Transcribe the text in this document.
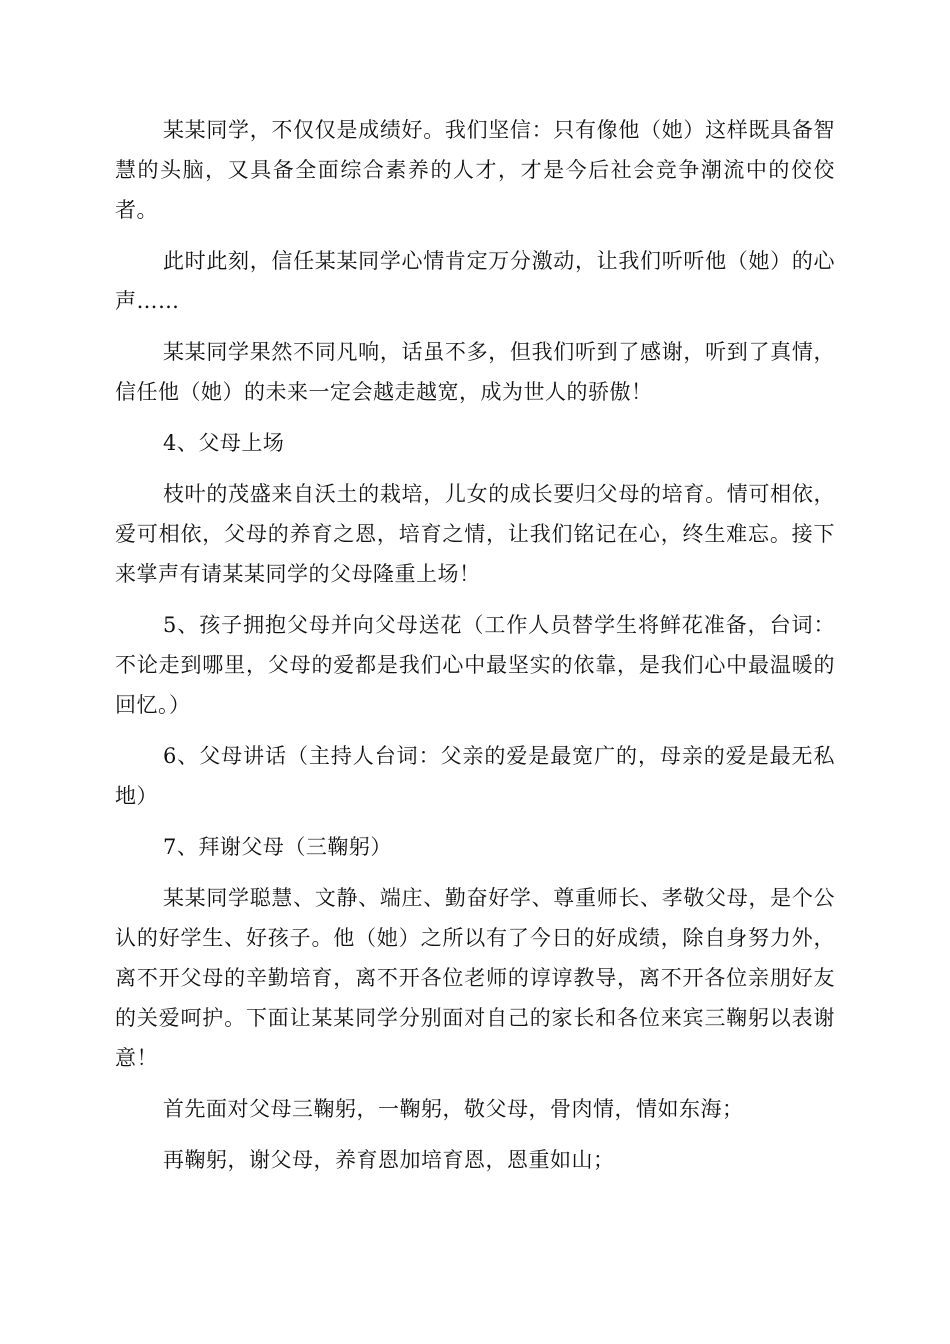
某某同学，不仅仅是成绩好。我们坚信：只有像他（她）这样既具备智慧的头脑，又具备全面综合素养的人才，才是今后社会竞争潮流中的佼佼者。

此时此刻，信任某某同学心情肯定万分激动，让我们听听他（她）的心声……

某某同学果然不同凡响，话虽不多，但我们听到了感谢，听到了真情，信任他（她）的未来一定会越走越宽，成为世人的骄傲！

4、父母上场

枝叶的茂盛来自沃土的栽培，儿女的成长要归父母的培育。情可相依，爱可相依，父母的养育之恩，培育之情，让我们铭记在心，终生难忘。接下来掌声有请某某同学的父母隆重上场！

5、孩子拥抱父母并向父母送花（工作人员替学生将鲜花准备，台词：不论走到哪里，父母的爱都是我们心中最坚实的依靠，是我们心中最温暖的回忆。）

6、父母讲话（主持人台词：父亲的爱是最宽广的，母亲的爱是最无私地）

7、拜谢父母（三鞠躬）

某某同学聪慧、文静、端庄、勤奋好学、尊重师长、孝敬父母，是个公认的好学生、好孩子。他（她）之所以有了今日的好成绩，除自身努力外，离不开父母的辛勤培育，离不开各位老师的谆谆教导，离不开各位亲朋好友的关爱呵护。下面让某某同学分别面对自己的家长和各位来宾三鞠躬以表谢意！

首先面对父母三鞠躬，一鞠躬，敬父母，骨肉情，情如东海；

再鞠躬，谢父母，养育恩加培育恩，恩重如山；
